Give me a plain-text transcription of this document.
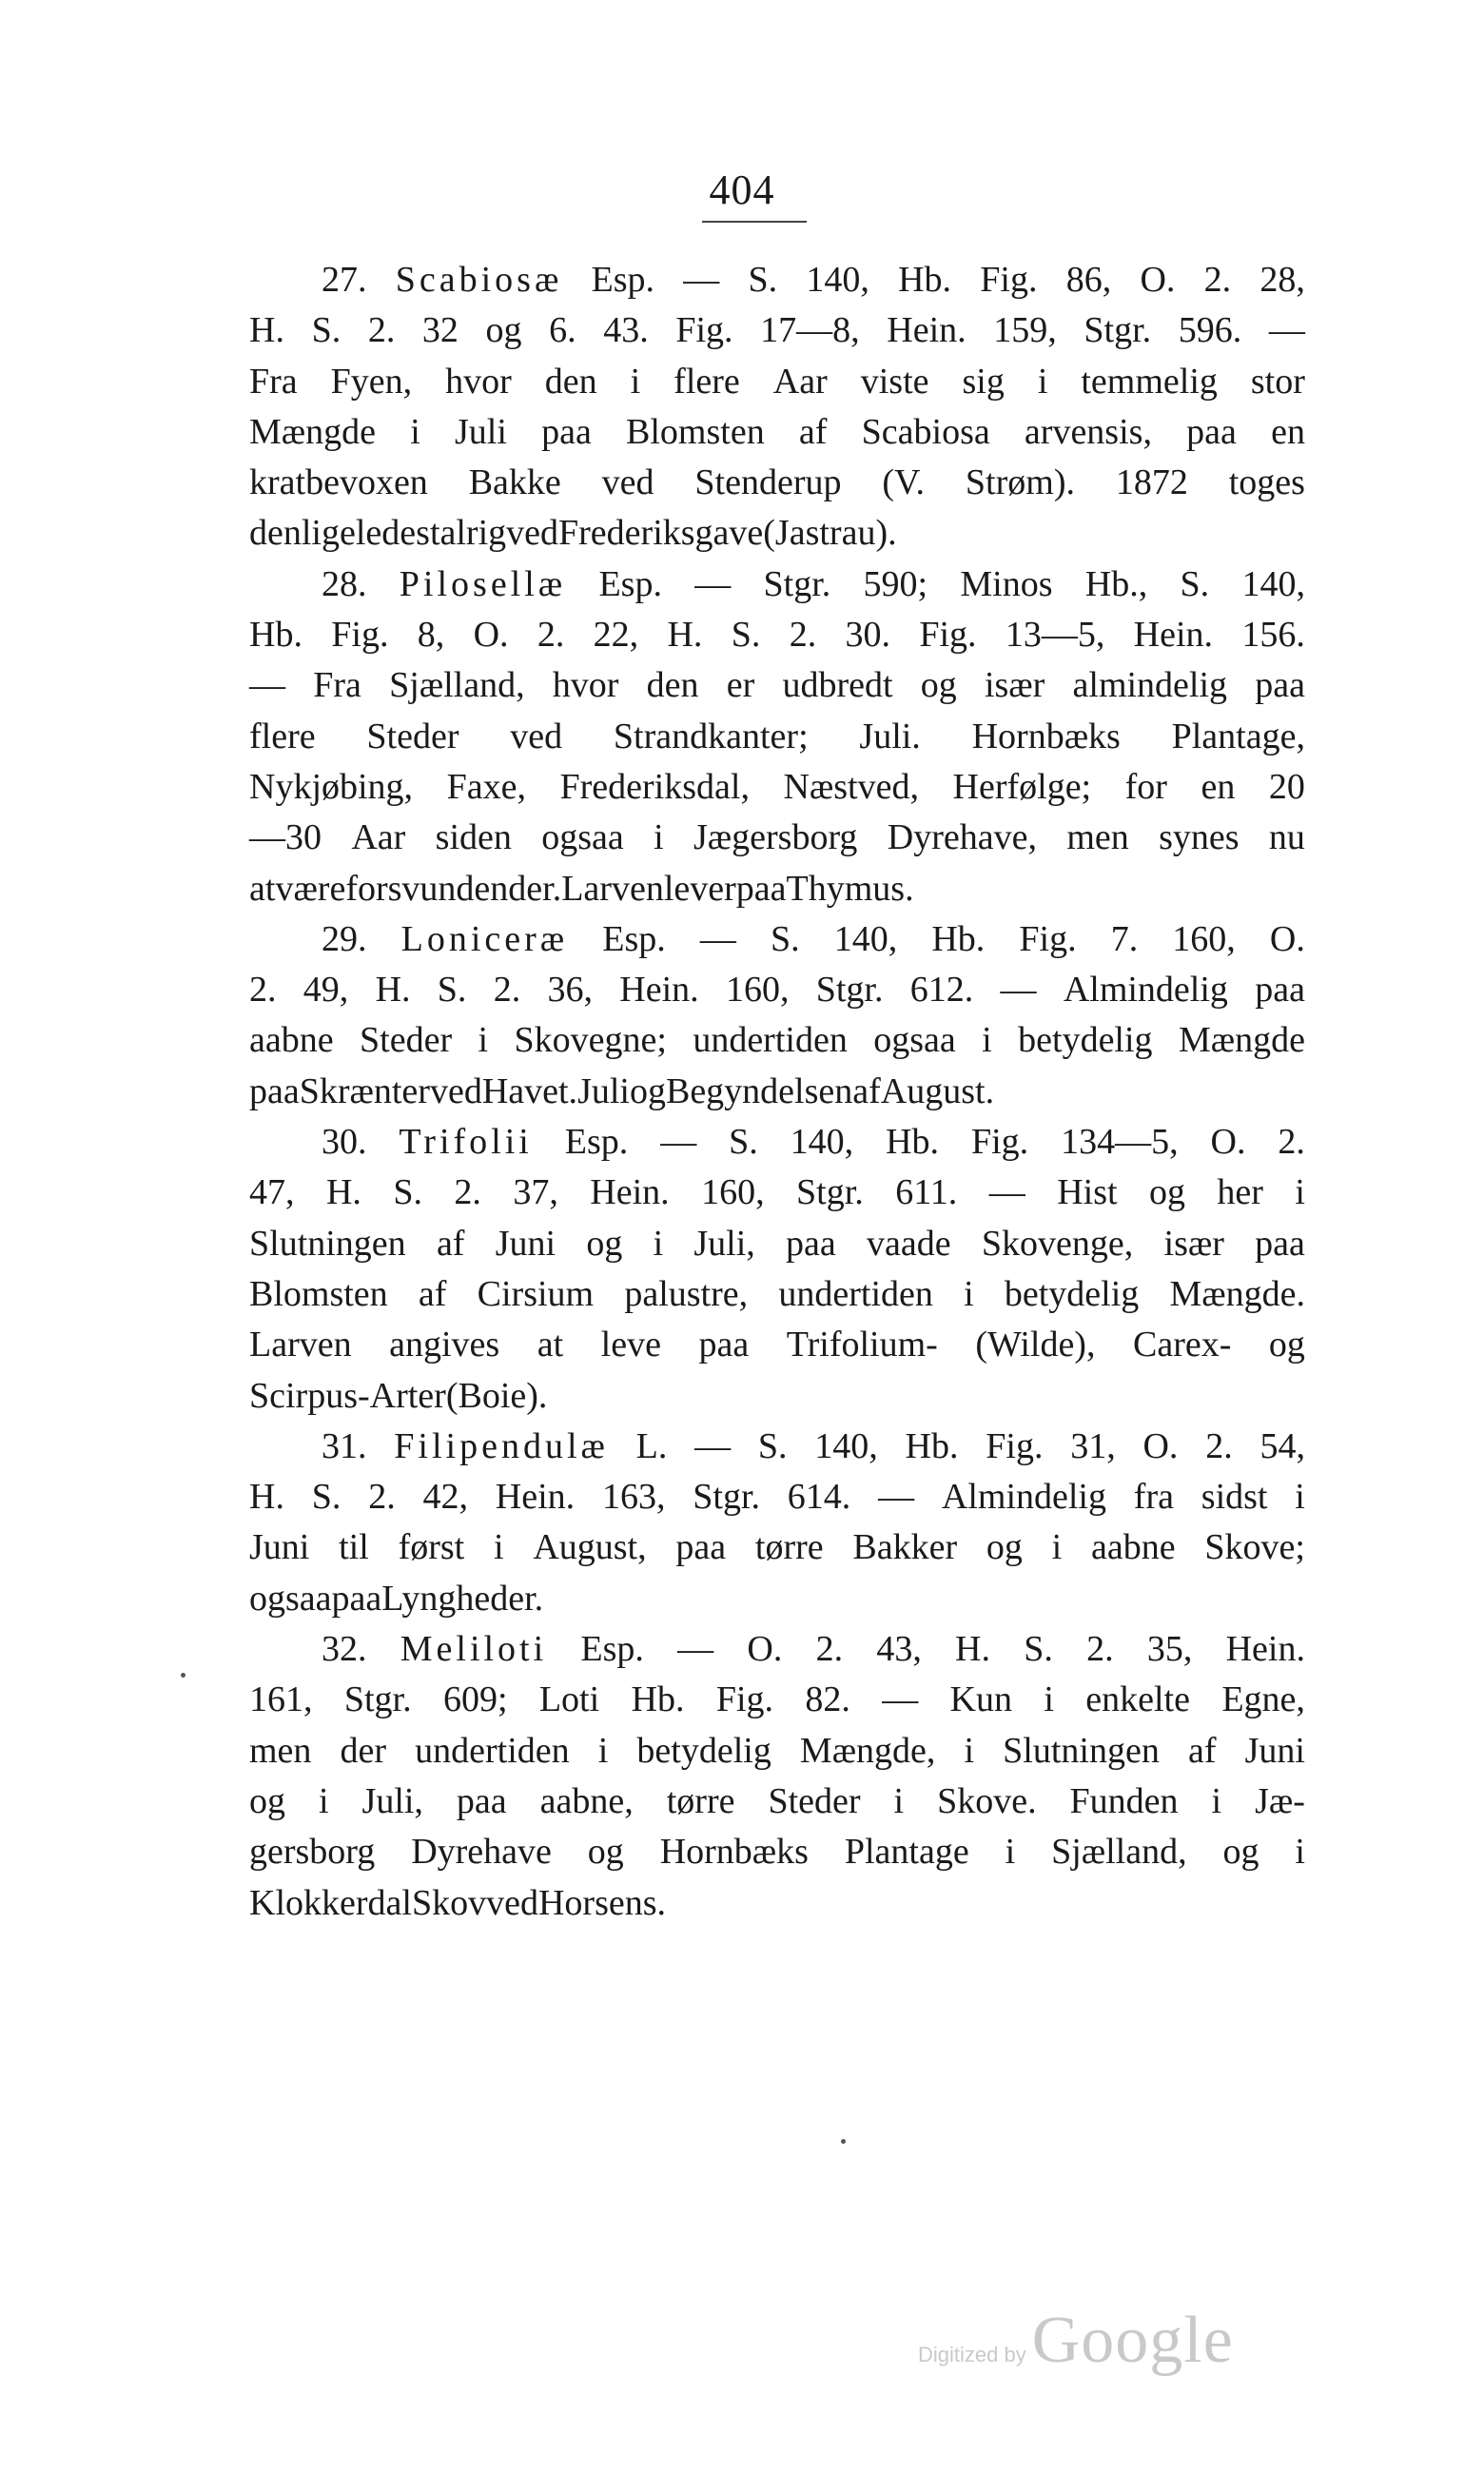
404
27. Scabiosæ Esp. — S. 140, Hb. Fig. 86, O. 2. 28,
H. S. 2. 32 og 6. 43. Fig. 17—8, Hein. 159, Stgr. 596. —
Fra Fyen, hvor den i flere Aar viste sig i temmelig stor
Mængde i Juli paa Blomsten af Scabiosa arvensis, paa en
kratbevoxen Bakke ved Stenderup (V. Strøm). 1872 toges
den ligeledes talrig ved Frederiksgave (Jastrau).
28. Pilosellæ Esp. — Stgr. 590; Minos Hb., S. 140,
Hb. Fig. 8, O. 2. 22, H. S. 2. 30. Fig. 13—5, Hein. 156.
— Fra Sjælland, hvor den er udbredt og især almindelig paa
flere Steder ved Strandkanter; Juli. Hornbæks Plantage,
Nykjøbing, Faxe, Frederiksdal, Næstved, Herfølge; for en 20
—30 Aar siden ogsaa i Jægersborg Dyrehave, men synes nu
at være forsvunden der. Larven lever paa Thymus.
29. Loniceræ Esp. — S. 140, Hb. Fig. 7. 160, O.
2. 49, H. S. 2. 36, Hein. 160, Stgr. 612. — Almindelig paa
aabne Steder i Skovegne; undertiden ogsaa i betydelig Mængde
paa Skrænter ved Havet. Juli og Begyndelsen af August.
30. Trifolii Esp. — S. 140, Hb. Fig. 134—5, O. 2.
47, H. S. 2. 37, Hein. 160, Stgr. 611. — Hist og her i
Slutningen af Juni og i Juli, paa vaade Skovenge, især paa
Blomsten af Cirsium palustre, undertiden i betydelig Mængde.
Larven angives at leve paa Trifolium- (Wilde), Carex- og
Scirpus-Arter (Boie).
31. Filipendulæ L. — S. 140, Hb. Fig. 31, O. 2. 54,
H. S. 2. 42, Hein. 163, Stgr. 614. — Almindelig fra sidst i
Juni til først i August, paa tørre Bakker og i aabne Skove;
ogsaa paa Lyngheder.
32. Meliloti Esp. — O. 2. 43, H. S. 2. 35, Hein.
161, Stgr. 609; Loti Hb. Fig. 82. — Kun i enkelte Egne,
men der undertiden i betydelig Mængde, i Slutningen af Juni
og i Juli, paa aabne, tørre Steder i Skove. Funden i Jæ-
gersborg Dyrehave og Hornbæks Plantage i Sjælland, og i
Klokkerdal Skov ved Horsens.
Digitized by Google
